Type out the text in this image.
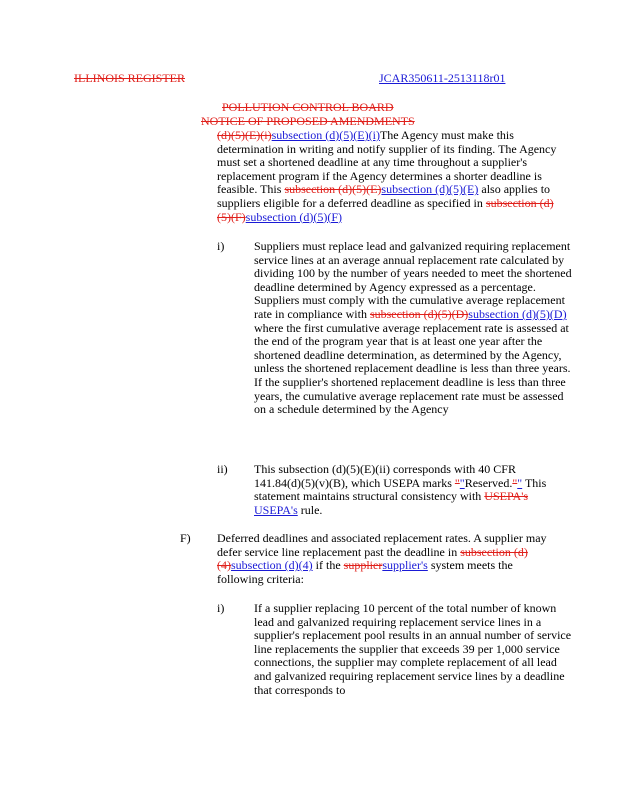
ILLINOIS REGISTER	JCAR350611-2513118r01
POLLUTION CONTROL BOARD
NOTICE OF PROPOSED AMENDMENTS

(d)(5)(E)(i)subsection (d)(5)(E)(i)The Agency must make this determination in writing and notify supplier of its finding. The Agency must set a shortened deadline at any time throughout a supplier's replacement program if the Agency determines a shorter deadline is feasible. This subsection (d)(5)(E)subsection (d)(5)(E) also applies to suppliers eligible for a deferred deadline as specified in subsection (d)(5)(F)subsection (d)(5)(F)

i) Suppliers must replace lead and galvanized requiring replacement service lines at an average annual replacement rate calculated by dividing 100 by the number of years needed to meet the shortened deadline determined by Agency expressed as a percentage. Suppliers must comply with the cumulative average replacement rate in compliance with subsection (d)(5)(D)subsection (d)(5)(D) where the first cumulative average replacement rate is assessed at the end of the program year that is at least one year after the shortened deadline determination, as determined by the Agency, unless the shortened replacement deadline is less than three years. If the supplier's shortened replacement deadline is less than three years, the cumulative average replacement rate must be assessed on a schedule determined by the Agency

ii) This subsection (d)(5)(E)(ii) corresponds with 40 CFR 141.84(d)(5)(v)(B), which USEPA marks ""Reserved."" This statement maintains structural consistency with USEPA's USEPA's rule.

F) Deferred deadlines and associated replacement rates. A supplier may defer service line replacement past the deadline in subsection (d)(4)subsection (d)(4) if the suppliersupplier's system meets the following criteria:

i) If a supplier replacing 10 percent of the total number of known lead and galvanized requiring replacement service lines in a supplier's replacement pool results in an annual number of service line replacements the supplier that exceeds 39 per 1,000 service connections, the supplier may complete replacement of all lead and galvanized requiring replacement service lines by a deadline that corresponds to
